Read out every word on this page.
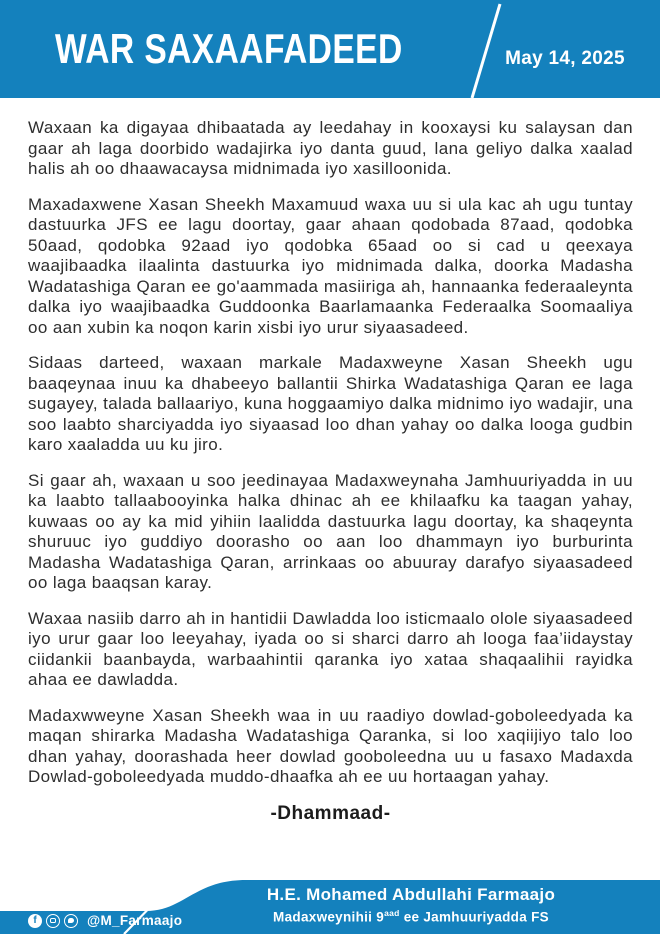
WAR SAXAAFADEED	May 14, 2025

Waxaan ka digayaa dhibaatada ay leedahay in kooxaysi ku salaysan dan gaar ah laga doorbido wadajirka iyo danta guud, lana geliyo dalka xaalad halis ah oo dhaawacaysa midnimada iyo xasilloonida.

Maxadaxwene Xasan Sheekh Maxamuud waxa uu si ula kac ah ugu tuntay dastuurka JFS ee lagu doortay, gaar ahaan qodobada 87aad, qodobka 50aad, qodobka 92aad iyo qodobka 65aad oo si cad u qeexaya waajibaadka ilaalinta dastuurka iyo midnimada dalka, doorka Madasha Wadatashiga Qaran ee go'aammada masiiriga ah, hannaanka federaaleynta dalka iyo waajibaadka Guddoonka Baarlamaanka Federaalka Soomaaliya oo aan xubin ka noqon karin xisbi iyo urur siyaasadeed.

Sidaas darteed, waxaan markale Madaxweyne Xasan Sheekh ugu baaqeynaa inuu ka dhabeeyo ballantii Shirka Wadatashiga Qaran ee laga sugayey, talada ballaariyo, kuna hoggaamiyo dalka midnimo iyo wadajir, una soo laabto sharciyadda iyo siyaasad loo dhan yahay oo dalka looga gudbin karo xaaladda uu ku jiro.

Si gaar ah, waxaan u soo jeedinayaa Madaxweynaha Jamhuuriyadda in uu ka laabto tallaabooyinka halka dhinac ah ee khilaafku ka taagan yahay, kuwaas oo ay ka mid yihiin laalidda dastuurka lagu doortay, ka shaqeynta shuruuc iyo guddiyo doorasho oo aan loo dhammayn iyo burburinta Madasha Wadatashiga Qaran, arrinkaas oo abuuray darafyo siyaasadeed oo laga baaqsan karay.

Waxaa nasiib darro ah in hantidii Dawladda loo isticmaalo olole siyaasadeed iyo urur gaar loo leeyahay, iyada oo si sharci darro ah looga faa’iidaystay ciidankii baanbayda, warbaahintii qaranka iyo xataa shaqaalihii rayidka ahaa ee dawladda.

Madaxwweyne Xasan Sheekh waa in uu raadiyo dowlad-goboleedyada ka maqan shirarka Madasha Wadatashiga Qaranka, si loo xaqiijiyo talo loo dhan yahay, doorashada heer dowlad gooboleedna uu u fasaxo Madaxda Dowlad-goboleedyada muddo-dhaafka ah ee uu hortaagan yahay.

-Dhammaad-
f	@M_Farmaajo
H.E. Mohamed Abdullahi Farmaajo
Madaxweynihii $9^{aad}$ ee Jamhuuriyadda FS
